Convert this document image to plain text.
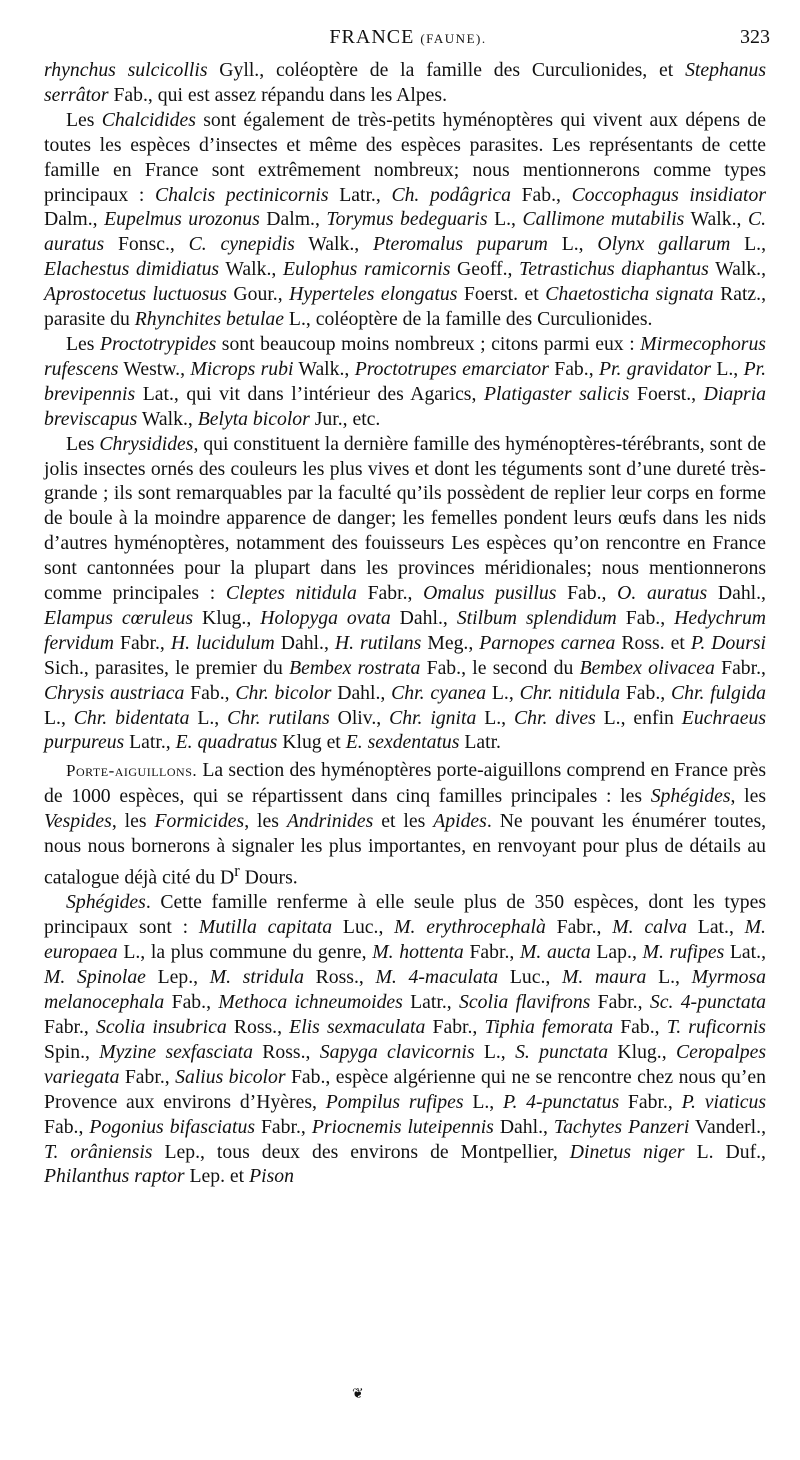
FRANCE (FAUNE).	323

rhynchus sulcicollis Gyll., coléoptère de la famille des Curculionides, et Stephanus serrâtor Fab., qui est assez répandu dans les Alpes.

Les Chalcidides sont également de très-petits hyménoptères qui vivent aux dépens de toutes les espèces d’insectes et même des espèces parasites. Les représentants de cette famille en France sont extrêmement nombreux; nous mentionnerons comme types principaux : Chalcis pectinicornis Latr., Ch. podâgrica Fab., Coccophagus insidiator Dalm., Eupelmus urozonus Dalm., Torymus bedeguaris L., Callimone mutabilis Walk., C. auratus Fonsc., C. cynepidis Walk., Pteromalus puparum L., Olynx gallarum L., Elachestus dimidiatus Walk., Eulophus ramicornis Geoff., Tetrastichus diaphantus Walk., Aprostocetus luctuosus Gour., Hyperteles elongatus Foerst. et Chaetosticha signata Ratz., parasite du Rhynchites betulae L., coléoptère de la famille des Curculionides.

Les Proctotrypides sont beaucoup moins nombreux ; citons parmi eux : Mirmecophorus rufescens Westw., Microps rubi Walk., Proctotrupes emarciator Fab., Pr. gravidator L., Pr. brevipennis Lat., qui vit dans l’intérieur des Agarics, Platigaster salicis Foerst., Diapria breviscapus Walk., Belyta bicolor Jur., etc.

Les Chrysidides, qui constituent la dernière famille des hyménoptères-térébrants, sont de jolis insectes ornés des couleurs les plus vives et dont les téguments sont d’une dureté très-grande ; ils sont remarquables par la faculté qu’ils possèdent de replier leur corps en forme de boule à la moindre apparence de danger; les femelles pondent leurs œufs dans les nids d’autres hyménoptères, notamment des fouisseurs Les espèces qu’on rencontre en France sont cantonnées pour la plupart dans les provinces méridionales; nous mentionnerons comme principales : Cleptes nitidula Fabr., Omalus pusillus Fab., O. auratus Dahl., Elampus cœruleus Klug., Holopyga ovata Dahl., Stilbum splendidum Fab., Hedychrum fervidum Fabr., H. lucidulum Dahl., H. rutilans Meg., Parnopes carnea Ross. et P. Doursi Sich., parasites, le premier du Bembex rostrata Fab., le second du Bembex olivacea Fabr., Chrysis austriaca Fab., Chr. bicolor Dahl., Chr. cyanea L., Chr. nitidula Fab., Chr. fulgida L., Chr. bidentata L., Chr. rutilans Oliv., Chr. ignita L., Chr. dives L., enfin Euchraeus purpureus Latr., E. quadratus Klug et E. sexdentatus Latr.

Porte-aiguillons. La section des hyménoptères porte-aiguillons comprend en France près de 1000 espèces, qui se répartissent dans cinq familles principales : les Sphégides, les Vespides, les Formicides, les Andrinides et les Apides. Ne pouvant les énumérer toutes, nous nous bornerons à signaler les plus importantes, en renvoyant pour plus de détails au catalogue déjà cité du $D^r$ Dours.

Sphégides. Cette famille renferme à elle seule plus de 350 espèces, dont les types principaux sont : Mutilla capitata Luc., M. erythrocephalà Fabr., M. calva Lat., M. europaea L., la plus commune du genre, M. hottenta Fabr., M. aucta Lap., M. rufipes Lat., M. Spinolae Lep., M. stridula Ross., M. 4-maculata Luc., M. maura L., Myrmosa melanocephala Fab., Methoca ichneumoides Latr., Scolia flavifrons Fabr., Sc. 4-punctata Fabr., Scolia insubrica Ross., Elis sexmaculata Fabr., Tiphia femorata Fab., T. ruficornis Spin., Myzine sexfasciata Ross., Sapyga clavicornis L., S. punctata Klug., Ceropalpes variegata Fabr., Salius bicolor Fab., espèce algérienne qui ne se rencontre chez nous qu’en Provence aux environs d’Hyères, Pompilus rufipes L., P. 4-punctatus Fabr., P. viaticus Fab., Pogonius bifasciatus Fabr., Priocnemis luteipennis Dahl., Tachytes Panzeri Vanderl., T. orâniensis Lep., tous deux des environs de Montpellier, Dinetus niger L. Duf., Philanthus raptor Lep. et Pison

❦
